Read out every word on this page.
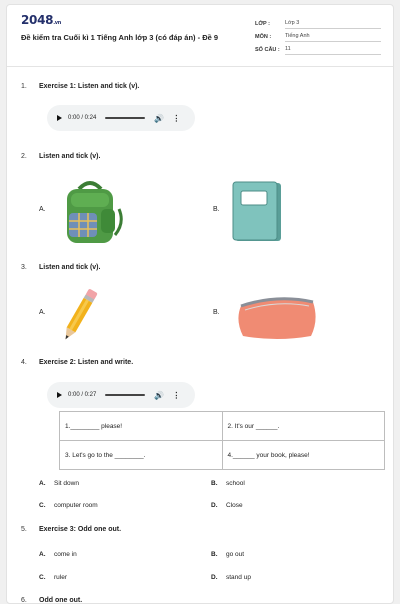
2048.vn
Đề kiểm tra Cuối kì 1 Tiếng Anh lớp 3 (có đáp án) - Đề 9
LỚP :	Lớp 3
MÔN :	Tiếng Anh
SỐ CÂU : 11
1. Exercise 1: Listen and tick (v).
0:00 / 0:24	🔊 ⋮
2. Listen and tick (v).
A.	B.
3. Listen and tick (v).
A.	B.
4. Exercise 2: Listen and write.
0:00 / 0:27	🔊 ⋮
1.________ please!	2. It's our ______.
3. Let's go to the ________.	4.______ your book, please!
A. Sit down	B. school
C. computer room	D. Close
5. Exercise 3: Odd one out.
A. come in	B. go out
C. ruler	D. stand up
6. Odd one out.
